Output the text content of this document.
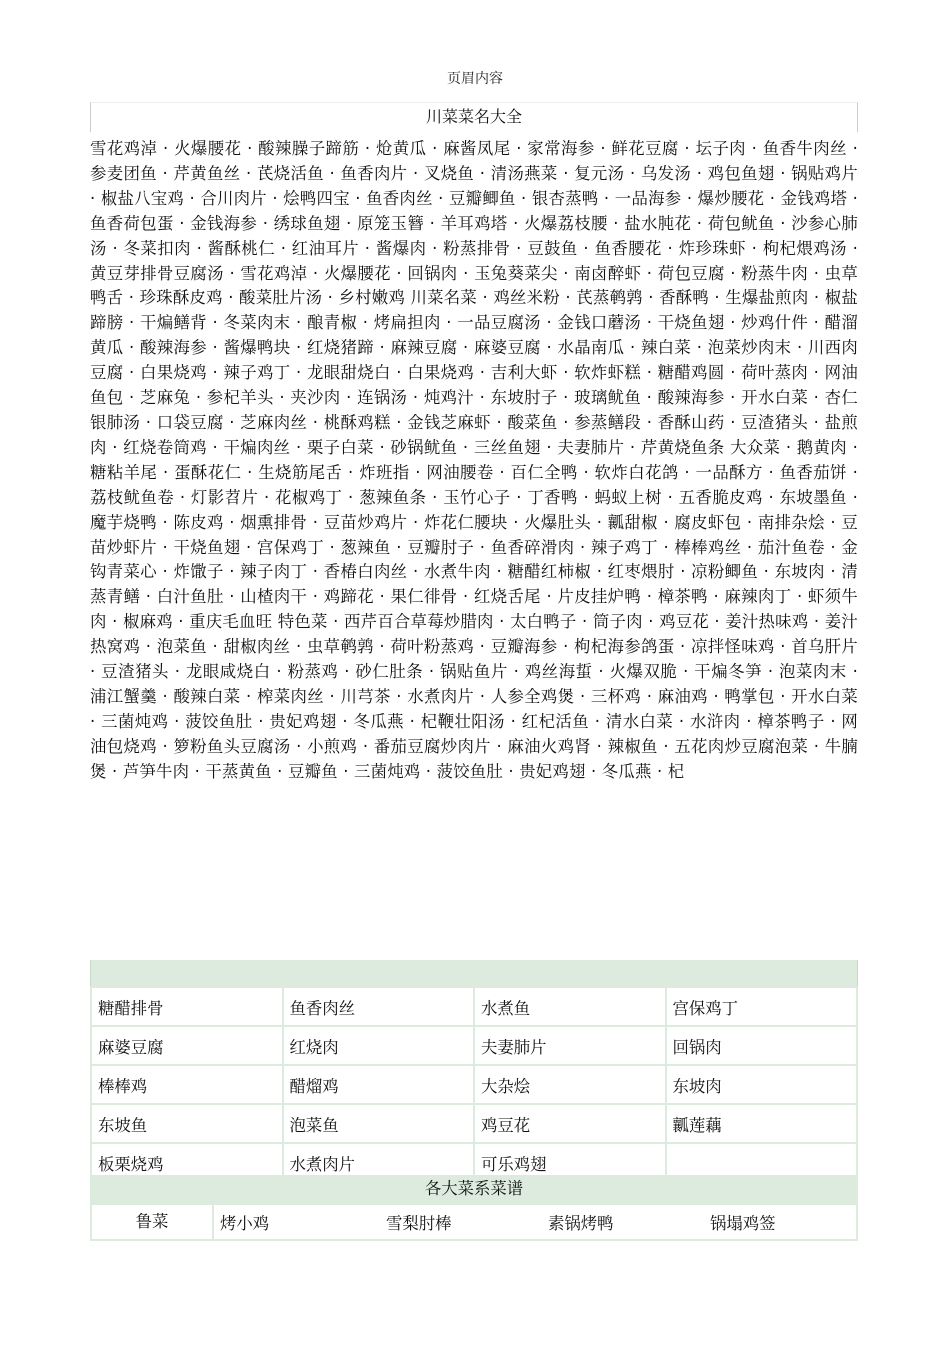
页眉内容
川菜菜名大全
雪花鸡淖 · 火爆腰花 · 酸辣臊子蹄筋 · 炝黄瓜 · 麻酱凤尾 · 家常海参 · 鲜花豆腐 · 坛子肉 · 鱼香牛肉丝 · 参麦团鱼 · 芹黄鱼丝 · 芪烧活鱼 · 鱼香肉片 · 叉烧鱼 · 清汤燕菜 · 复元汤 · 乌发汤 · 鸡包鱼翅 · 锅贴鸡片 · 椒盐八宝鸡 · 合川肉片 · 烩鸭四宝 · 鱼香肉丝 · 豆瓣鲫鱼 · 银杏蒸鸭 · 一品海参 · 爆炒腰花 · 金钱鸡塔 · 鱼香荷包蛋 · 金钱海参 · 绣球鱼翅 · 原笼玉簪 · 羊耳鸡塔 · 火爆荔枝腰 · 盐水肫花 · 荷包鱿鱼 · 沙参心肺汤 · 冬菜扣肉 · 酱酥桃仁 · 红油耳片 · 酱爆肉 · 粉蒸排骨 · 豆鼓鱼 · 鱼香腰花 · 炸珍珠虾 · 枸杞煨鸡汤 · 黄豆芽排骨豆腐汤 · 雪花鸡淖 · 火爆腰花 · 回锅肉 · 玉兔葵菜尖 · 南卤醉虾 · 荷包豆腐 · 粉蒸牛肉 · 虫草鸭舌 · 珍珠酥皮鸡 · 酸菜肚片汤 · 乡村嫩鸡 川菜名菜 · 鸡丝米粉 · 芪蒸鹌鹑 · 香酥鸭 · 生爆盐煎肉 · 椒盐蹄膀 · 干煸鳝背 · 冬菜肉末 · 酿青椒 · 烤扁担肉 · 一品豆腐汤 · 金钱口蘑汤 · 干烧鱼翅 · 炒鸡什件 · 醋溜黄瓜 · 酸辣海参 · 酱爆鸭块 · 红烧猪蹄 · 麻辣豆腐 · 麻婆豆腐 · 水晶南瓜 · 辣白菜 · 泡菜炒肉末 · 川西肉豆腐 · 白果烧鸡 · 辣子鸡丁 · 龙眼甜烧白 · 白果烧鸡 · 吉利大虾 · 软炸虾糕 · 糖醋鸡圆 · 荷叶蒸肉 · 网油鱼包 · 芝麻兔 · 参杞羊头 · 夹沙肉 · 连锅汤 · 炖鸡汁 · 东坡肘子 · 玻璃鱿鱼 · 酸辣海参 · 开水白菜 · 杏仁银肺汤 · 口袋豆腐 · 芝麻肉丝 · 桃酥鸡糕 · 金钱芝麻虾 · 酸菜鱼 · 参蒸鳝段 · 香酥山药 · 豆渣猪头 · 盐煎肉 · 红烧卷筒鸡 · 干煸肉丝 · 栗子白菜 · 砂锅鱿鱼 · 三丝鱼翅 · 夫妻肺片 · 芹黄烧鱼条 大众菜 · 鹅黄肉 · 糖粘羊尾 · 蛋酥花仁 · 生烧筋尾舌 · 炸班指 · 网油腰卷 · 百仁全鸭 · 软炸白花鸽 · 一品酥方 · 鱼香茄饼 · 荔枝鱿鱼卷 · 灯影苕片 · 花椒鸡丁 · 葱辣鱼条 · 玉竹心子 · 丁香鸭 · 蚂蚁上树 · 五香脆皮鸡 · 东坡墨鱼 · 魔芋烧鸭 · 陈皮鸡 · 烟熏排骨 · 豆苗炒鸡片 · 炸花仁腰块 · 火爆肚头 · 瓤甜椒 · 腐皮虾包 · 南排杂烩 · 豆苗炒虾片 · 干烧鱼翅 · 宫保鸡丁 · 葱辣鱼 · 豆瓣肘子 · 鱼香碎滑肉 · 辣子鸡丁 · 棒棒鸡丝 · 茄汁鱼卷 · 金钩青菜心 · 炸馓子 · 辣子肉丁 · 香椿白肉丝 · 水煮牛肉 · 糖醋红柿椒 · 红枣煨肘 · 凉粉鲫鱼 · 东坡肉 · 清蒸青鳝 · 白汁鱼肚 · 山楂肉干 · 鸡蹄花 · 果仁徘骨 · 红烧舌尾 · 片皮挂炉鸭 · 樟茶鸭 · 麻辣肉丁 · 虾须牛肉 · 椒麻鸡 · 重庆毛血旺 特色菜 · 西芹百合草莓炒腊肉 · 太白鸭子 · 筒子肉 · 鸡豆花 · 姜汁热味鸡 · 姜汁热窝鸡 · 泡菜鱼 · 甜椒肉丝 · 虫草鹌鹑 · 荷叶粉蒸鸡 · 豆瓣海参 · 枸杞海参鸽蛋 · 凉拌怪味鸡 · 首乌肝片 · 豆渣猪头 · 龙眼咸烧白 · 粉蒸鸡 · 砂仁肚条 · 锅贴鱼片 · 鸡丝海蜇 · 火爆双脆 · 干煸冬笋 · 泡菜肉末 · 浦江蟹羹 · 酸辣白菜 · 榨菜肉丝 · 川芎茶 · 水煮肉片 · 人参全鸡煲 · 三杯鸡 · 麻油鸡 · 鸭掌包 · 开水白菜 · 三菌炖鸡 · 菠饺鱼肚 · 贵妃鸡翅 · 冬瓜燕 · 杞鞭壮阳汤 · 红杞活鱼 · 清水白菜 · 水浒肉 · 樟茶鸭子 · 网油包烧鸡 · 箩粉鱼头豆腐汤 · 小煎鸡 · 番茄豆腐炒肉片 · 麻油火鸡肾 · 辣椒鱼 · 五花肉炒豆腐泡菜 · 牛腩煲 · 芦笋牛肉 · 干蒸黄鱼 · 豆瓣鱼 · 三菌炖鸡 · 菠饺鱼肚 · 贵妃鸡翅 · 冬瓜燕 · 杞
糖醋排骨	鱼香肉丝	水煮鱼	宫保鸡丁
麻婆豆腐	红烧肉	夫妻肺片	回锅肉
棒棒鸡	醋熘鸡	大杂烩	东坡肉
东坡鱼	泡菜鱼	鸡豆花	瓤莲藕
板栗烧鸡	水煮肉片	可乐鸡翅	
各大菜系菜谱
鲁菜	烤小鸡	雪梨肘棒	素锅烤鸭	锅塌鸡签
